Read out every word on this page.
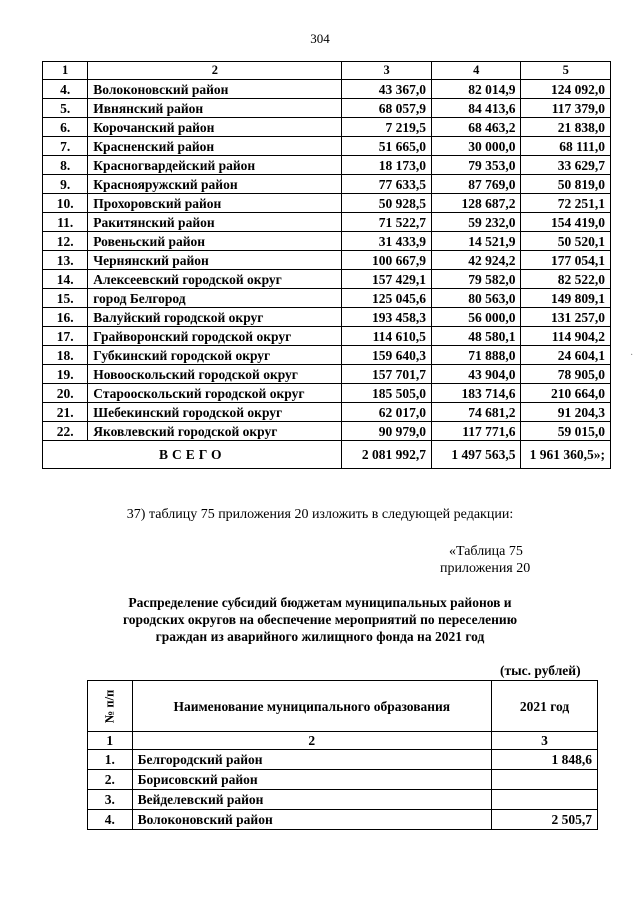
304
1	2	3	4	5
4.	Волоконовский район	43 367,0	82 014,9	124 092,0
5.	Ивнянский район	68 057,9	84 413,6	117 379,0
6.	Корочанский район	7 219,5	68 463,2	21 838,0
7.	Красненский район	51 665,0	30 000,0	68 111,0
8.	Красногвардейский район	18 173,0	79 353,0	33 629,7
9.	Краснояружский район	77 633,5	87 769,0	50 819,0
10.	Прохоровский район	50 928,5	128 687,2	72 251,1
11.	Ракитянский район	71 522,7	59 232,0	154 419,0
12.	Ровеньский район	31 433,9	14 521,9	50 520,1
13.	Чернянский район	100 667,9	42 924,2	177 054,1
14.	Алексеевский городской округ	157 429,1	79 582,0	82 522,0
15.	город Белгород	125 045,6	80 563,0	149 809,1
16.	Валуйский городской округ	193 458,3	56 000,0	131 257,0
17.	Грайворонский городской округ	114 610,5	48 580,1	114 904,2
18.	Губкинский городской округ	159 640,3	71 888,0	24 604,1
19.	Новооскольский городской округ	157 701,7	43 904,0	78 905,0
20.	Старооскольский городской округ	185 505,0	183 714,6	210 664,0
21.	Шебекинский городской округ	62 017,0	74 681,2	91 204,3
22.	Яковлевский городской округ	90 979,0	117 771,6	59 015,0
ВСЕГО		2 081 992,7	1 497 563,5	1 961 360,5»;
37) таблицу 75 приложения 20 изложить в следующей редакции:
«Таблица 75
приложения 20
Распределение субсидий бюджетам муниципальных районов и
городских округов на обеспечение мероприятий по переселению
граждан из аварийного жилищного фонда на 2021 год
(тыс. рублей)
№ п/п	Наименование муниципального образования	2021 год
1	2	3
1.	Белгородский район	1 848,6
2.	Борисовский район	
3.	Вейделевский район	
4.	Волоконовский район	2 505,7
·
